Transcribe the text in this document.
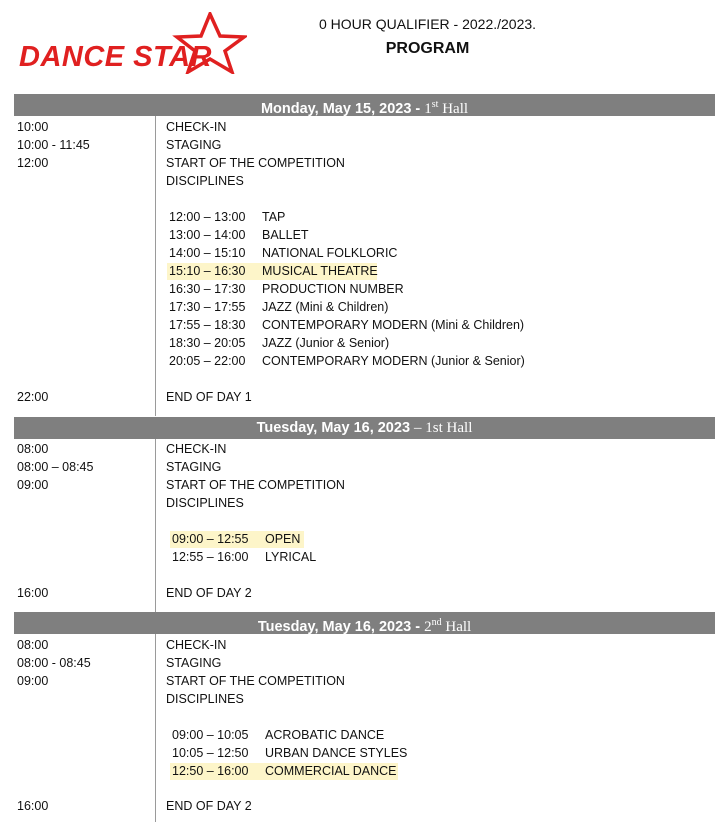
DANCE STAR
0 HOUR QUALIFIER - 2022./2023.
PROGRAM
Monday, May 15, 2023 - 1st Hall
10:00	CHECK-IN
10:00 - 11:45	STAGING
12:00	START OF THE COMPETITION
DISCIPLINES
12:00 – 13:00 TAP
13:00 – 14:00 BALLET
14:00 – 15:10 NATIONAL FOLKLORIC
15:10 – 16:30 MUSICAL THEATRE
16:30 – 17:30 PRODUCTION NUMBER
17:30 – 17:55 JAZZ (Mini & Children)
17:55 – 18:30 CONTEMPORARY MODERN (Mini & Children)
18:30 – 20:05 JAZZ (Junior & Senior)
20:05 – 22:00 CONTEMPORARY MODERN (Junior & Senior)
22:00	END OF DAY 1
Tuesday, May 16, 2023 – 1st Hall
08:00	CHECK-IN
08:00 – 08:45	STAGING
09:00	START OF THE COMPETITION
DISCIPLINES
09:00 – 12:55 OPEN
12:55 – 16:00 LYRICAL
16:00	END OF DAY 2
Tuesday, May 16, 2023 - 2nd Hall
08:00	CHECK-IN
08:00 - 08:45	STAGING
09:00	START OF THE COMPETITION
DISCIPLINES
09:00 – 10:05 ACROBATIC DANCE
10:05 – 12:50 URBAN DANCE STYLES
12:50 – 16:00 COMMERCIAL DANCE
16:00	END OF DAY 2
